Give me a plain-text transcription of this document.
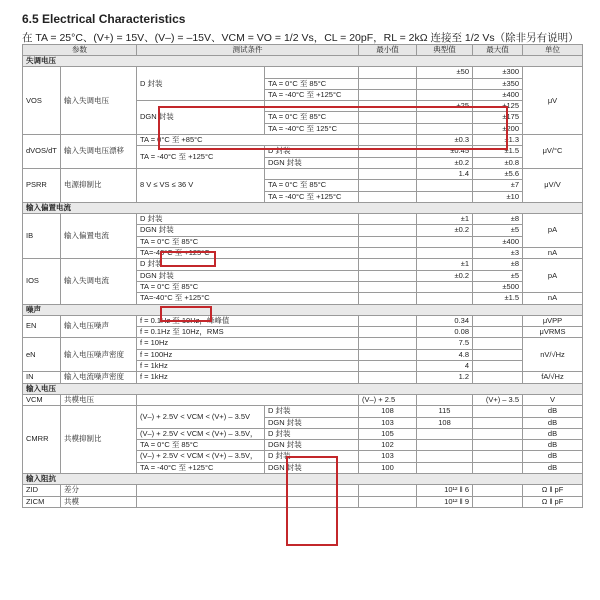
6.5 Electrical Characteristics
在 TA = 25°C、(V+) = 15V、(V–) = –15V、VCM = VO = 1/2 Vs，CL = 20pF，RL = 2kΩ 连接至 1/2 Vs（除非另有说明）
参数		测试条件		最小值	典型值	最大值	单位
失调电压							
VOS	输入失调电压	D 封装			±50	±300	μV
			TA = 0°C 至 85°C			±350	
			TA = -40°C 至 +125°C			±400	
		DGN 封装			±25	±125	
			TA = 0°C 至 85°C			±175	
			TA = -40°C 至 125°C			±200	
dVOS/dT	输入失调电压漂移	TA = 0°C 至 +85°C			±0.3	±1.3	μV/°C
		TA = -40°C 至 +125°C	D 封装		±0.45	±1.5	
			DGN 封装		±0.2	±0.8	
PSRR	电源抑制比	8 V ≤ VS ≤ 36 V			1.4	±5.6	μV/V
			TA = 0°C 至 85°C			±7	
			TA = -40°C 至 +125°C			±10	
输入偏置电流							
IB	输入偏置电流	D 封装			±1	±8	pA
		DGN 封装			±0.2	±5	
		TA = 0°C 至 85°C				±400	
		TA=-40°C 至 +125°C				±3	nA
IOS	输入失调电流	D 封装			±1	±8	pA
		DGN 封装			±0.2	±5	
		TA = 0°C 至 85°C				±500	
		TA=-40°C 至 +125°C				±1.5	nA
噪声							
EN	输入电压噪声	f = 0.1Hz 至 10Hz，峰峰值			0.34		μVPP
		f = 0.1Hz 至 10Hz，RMS			0.08		μVRMS
eN	输入电压噪声密度	f = 10Hz			7.5		nV/√Hz
		f = 100Hz			4.8		
		f = 1kHz			4		
IN	输入电流噪声密度	f = 1kHz			1.2		fA/√Hz
输入电压							
VCM	共模电压			(V–) + 2.5		(V+) – 3.5	V
CMRR	共模抑制比	(V–) + 2.5V < VCM < (V+) – 3.5V	D 封装	108	115		dB
			DGN 封装	103	108		dB
		(V–) + 2.5V < VCM < (V+) – 3.5V，	D 封装	105			dB
		TA = 0°C 至 85°C	DGN 封装	102			dB
		(V–) + 2.5V < VCM < (V+) – 3.5V，	D 封装	103			dB
		TA = -40°C 至 +125°C	DGN 封装	100			dB
输入阻抗							
ZID	差分				10¹² ‖ 6		Ω ‖ pF
ZICM	共模				10¹² ‖ 9		Ω ‖ pF
